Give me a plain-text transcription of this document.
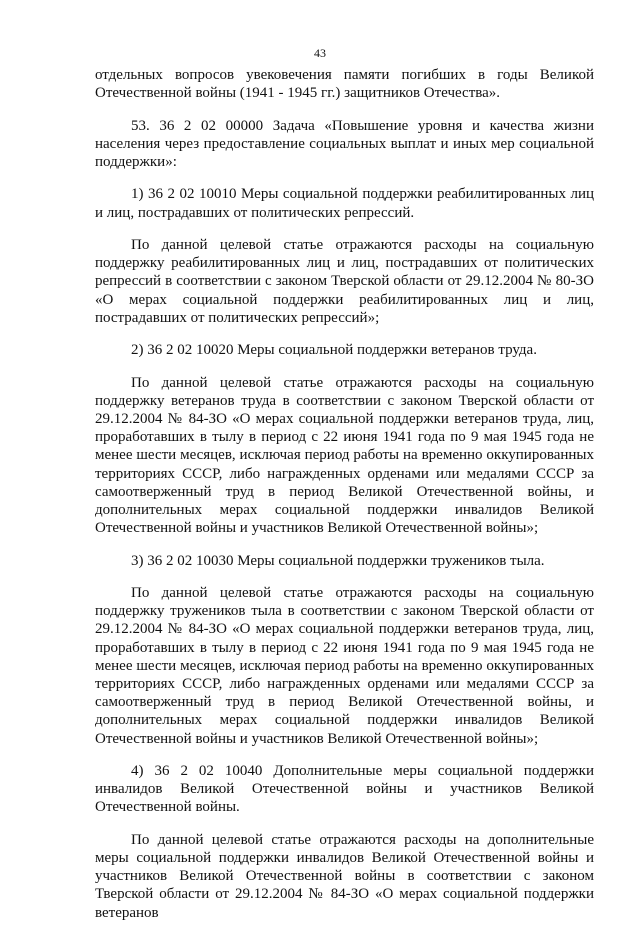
43

отдельных вопросов увековечения памяти погибших в годы Великой Отечественной войны (1941 - 1945 гг.) защитников Отечества».

53. 36 2 02 00000 Задача «Повышение уровня и качества жизни населения через предоставление социальных выплат и иных мер социальной поддержки»:

1) 36 2 02 10010 Меры социальной поддержки реабилитированных лиц и лиц, пострадавших от политических репрессий.

По данной целевой статье отражаются расходы на социальную поддержку реабилитированных лиц и лиц, пострадавших от политических репрессий в соответствии с законом Тверской области от 29.12.2004 № 80-ЗО «О мерах социальной поддержки реабилитированных лиц и лиц, пострадавших от политических репрессий»;

2) 36 2 02 10020 Меры социальной поддержки ветеранов труда.

По данной целевой статье отражаются расходы на социальную поддержку ветеранов труда в соответствии с законом Тверской области от 29.12.2004 № 84-ЗО «О мерах социальной поддержки ветеранов труда, лиц, проработавших в тылу в период с 22 июня 1941 года по 9 мая 1945 года не менее шести месяцев, исключая период работы на временно оккупированных территориях СССР, либо награжденных орденами или медалями СССР за самоотверженный труд в период Великой Отечественной войны, и дополнительных мерах социальной поддержки инвалидов Великой Отечественной войны и участников Великой Отечественной войны»;

3) 36 2 02 10030 Меры социальной поддержки тружеников тыла.

По данной целевой статье отражаются расходы на социальную поддержку тружеников тыла в соответствии с законом Тверской области от 29.12.2004 № 84-ЗО «О мерах социальной поддержки ветеранов труда, лиц, проработавших в тылу в период с 22 июня 1941 года по 9 мая 1945 года не менее шести месяцев, исключая период работы на временно оккупированных территориях СССР, либо награжденных орденами или медалями СССР за самоотверженный труд в период Великой Отечественной войны, и дополнительных мерах социальной поддержки инвалидов Великой Отечественной войны и участников Великой Отечественной войны»;

4) 36 2 02 10040 Дополнительные меры социальной поддержки инвалидов Великой Отечественной войны и участников Великой Отечественной войны.

По данной целевой статье отражаются расходы на дополнительные меры социальной поддержки инвалидов Великой Отечественной войны и участников Великой Отечественной войны в соответствии с законом Тверской области от 29.12.2004 № 84-ЗО «О мерах социальной поддержки ветеранов
